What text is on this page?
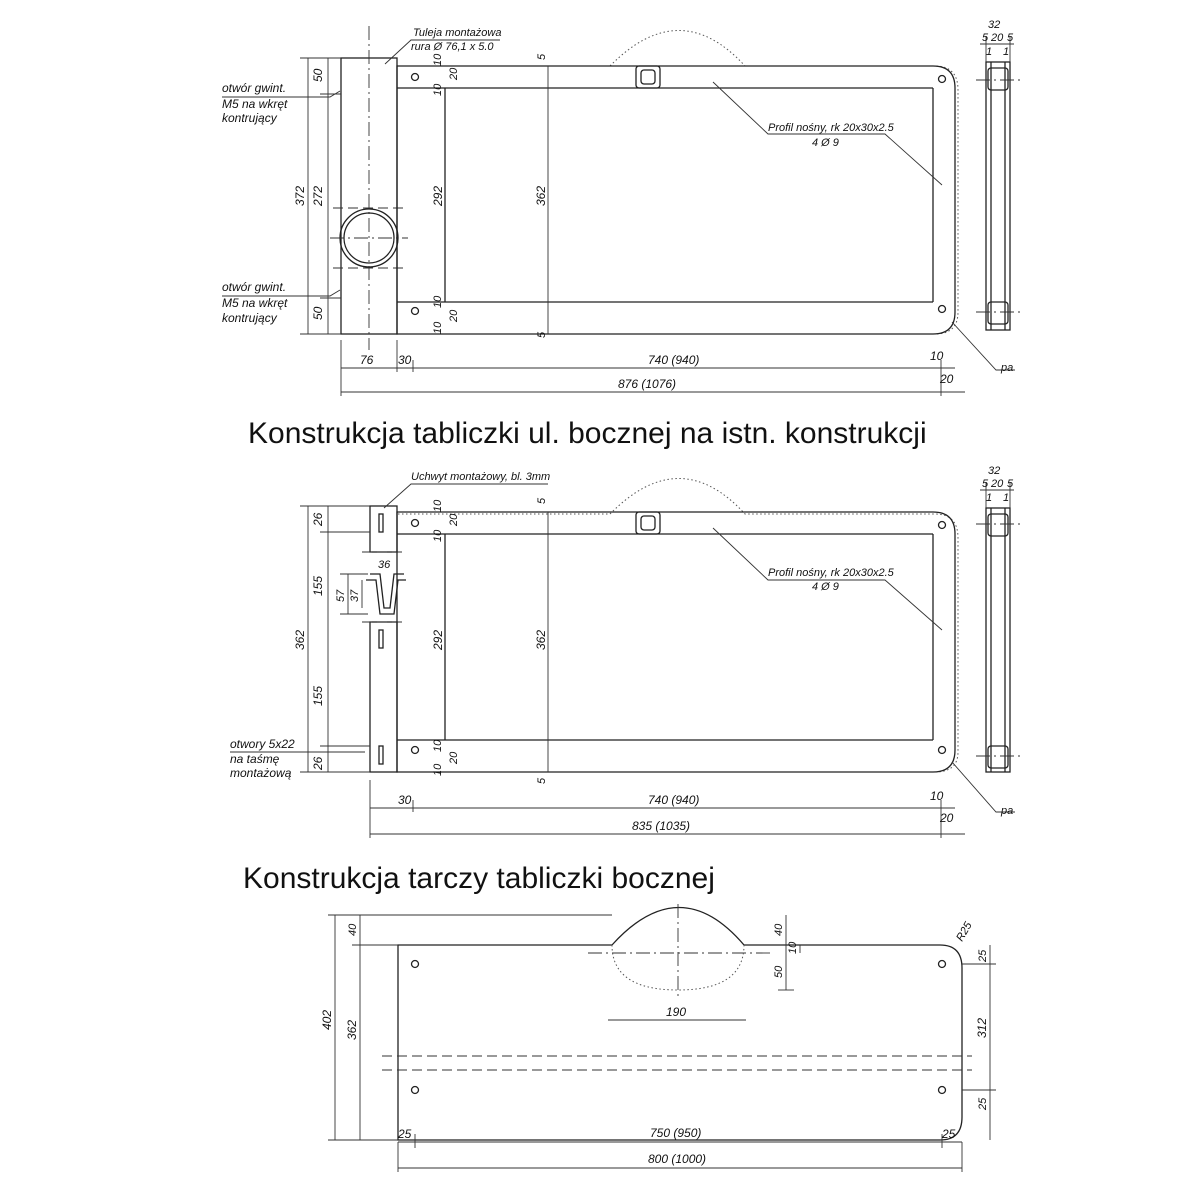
Tuleja montażowa
rura Ø 76,1 x 5.0
Profil nośny, rk 20x30x2.5
4 Ø 9
otwór gwint.
M5 na wkręt
kontrujący
otwór gwint.
M5 na wkręt
kontrujący
50
372 272
50
10
20
10
292
10
10
20
5
362
5
76 30	740 (940)	10
20
876 (1076)
32
5 20 5
1 1
pa
Konstrukcja tabliczki ul. bocznej na istn. konstrukcji
Uchwyt montażowy, bl. 3mm
Profil nośny, rk 20x30x2.5
4 Ø 9
otwory 5x22
na taśmę
montażową
26
155
362
155
26
57 37
36
10
20
10
292
10
10
20
5
362
5
30	740 (940)	10
20
835 (1035)
32
5 20 5
1 1
pa
Konstrukcja tarczy tabliczki bocznej
402
40
362
40
10
50
R25
25
312
25
190
25	750 (950)	25
800 (1000)
